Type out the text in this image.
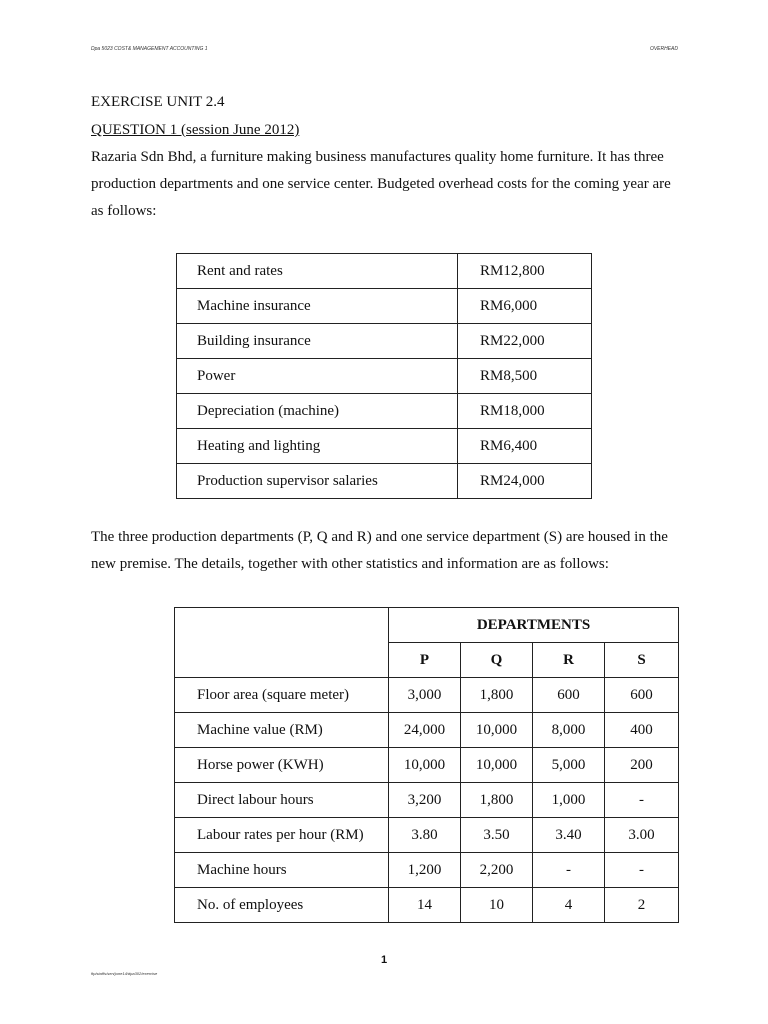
Dpa 5023 COST& MANAGEMENT ACCOUNTING 1	OVERHEAD
EXERCISE UNIT 2.4
QUESTION 1 (session June 2012)
Razaria Sdn Bhd, a furniture making business manufactures quality home furniture. It has three
production departments and one service center. Budgeted overhead costs for the coming year are
as follows:
Rent and rates	RM12,800
Machine insurance	RM6,000
Building insurance	RM22,000
Power	RM8,500
Depreciation (machine)	RM18,000
Heating and lighting	RM6,400
Production supervisor salaries	RM24,000
The three production departments (P, Q and R) and one service department (S) are housed in the
new premise. The details, together with other statistics and information are as follows:
	DEPARTMENTS			
	P	Q	R	S
Floor area (square meter)	3,000	1,800	600	600
Machine value (RM)	24,000	10,000	8,000	400
Horse power (KWH)	10,000	10,000	5,000	200
Direct labour hours	3,200	1,800	1,000	-
Labour rates per hour (RM)	3.80	3.50	3.40	3.00
Machine hours	1,200	2,200	-	-
No. of employees	14	10	4	2
1
ftp/staffs/sen/june14/dpa302/exercise
